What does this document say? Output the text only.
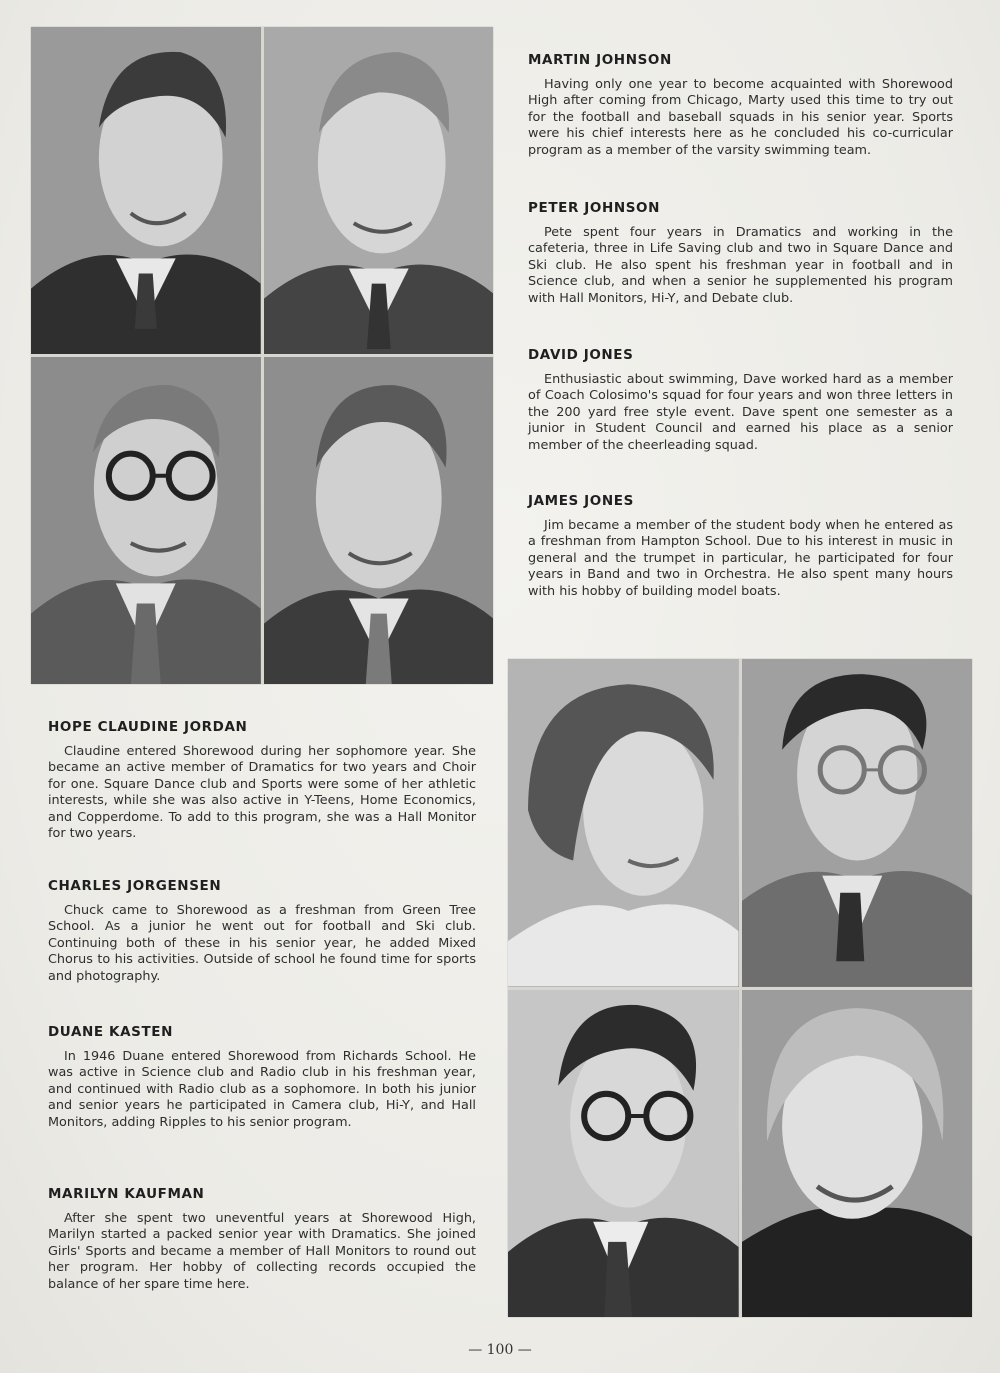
MARTIN JOHNSON

Having only one year to become acquainted with Shorewood High after coming from Chicago, Marty used this time to try out for the football and baseball squads in his senior year. Sports were his chief interests here as he concluded his co-curricular program as a member of the varsity swimming team.

PETER JOHNSON

Pete spent four years in Dramatics and working in the cafeteria, three in Life Saving club and two in Square Dance and Ski club. He also spent his freshman year in football and in Science club, and when a senior he supplemented his program with Hall Monitors, Hi-Y, and Debate club.

DAVID JONES

Enthusiastic about swimming, Dave worked hard as a member of Coach Colosimo's squad for four years and won three letters in the 200 yard free style event. Dave spent one semester as a junior in Student Council and earned his place as a senior member of the cheerleading squad.

JAMES JONES

Jim became a member of the student body when he entered as a freshman from Hampton School. Due to his interest in music in general and the trumpet in particular, he participated for four years in Band and two in Orchestra. He also spent many hours with his hobby of building model boats.

HOPE CLAUDINE JORDAN

Claudine entered Shorewood during her sophomore year. She became an active member of Dramatics for two years and Choir for one. Square Dance club and Sports were some of her athletic interests, while she was also active in Y-Teens, Home Economics, and Copperdome. To add to this program, she was a Hall Monitor for two years.

CHARLES JORGENSEN

Chuck came to Shorewood as a freshman from Green Tree School. As a junior he went out for football and Ski club. Continuing both of these in his senior year, he added Mixed Chorus to his activities. Outside of school he found time for sports and photography.

DUANE KASTEN

In 1946 Duane entered Shorewood from Richards School. He was active in Science club and Radio club in his freshman year, and continued with Radio club as a sophomore. In both his junior and senior years he participated in Camera club, Hi-Y, and Hall Monitors, adding Ripples to his senior program.

MARILYN KAUFMAN

After she spent two uneventful years at Shorewood High, Marilyn started a packed senior year with Dramatics. She joined Girls' Sports and became a member of Hall Monitors to round out her program. Her hobby of collecting records occupied the balance of her spare time here.

— 100 —
